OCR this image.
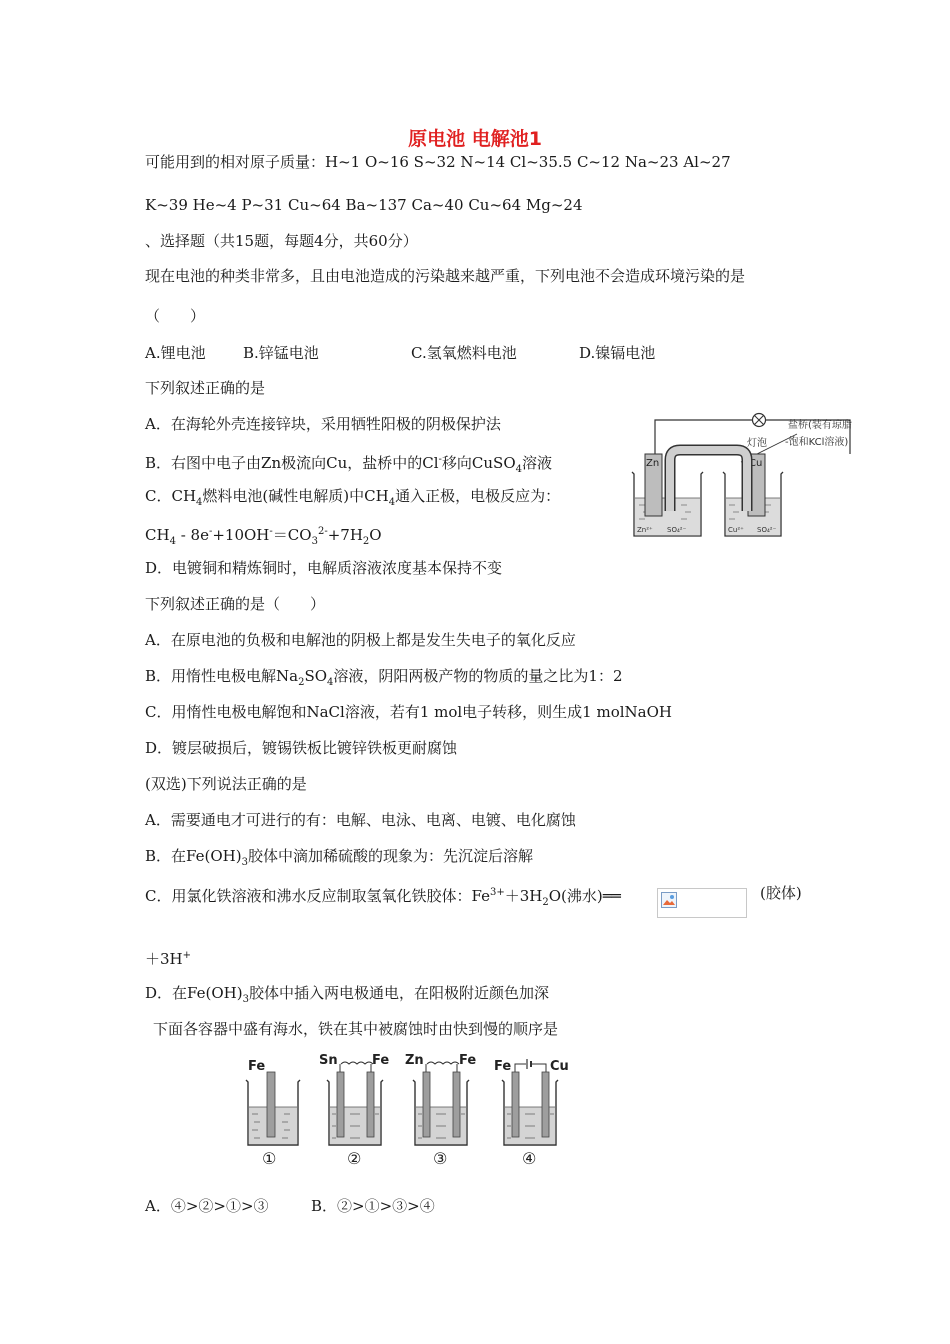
原电池 电解池1
可能用到的相对原子质量：H~1 O~16 S~32 N~14 Cl~35.5 C~12 Na~23 Al~27
K~39 He~4 P~31 Cu~64 Ba~137 Ca~40 Cu~64 Mg~24
、选择题（共15题，每题4分，共60分）
现在电池的种类非常多，且由电池造成的污染越来越严重，下列电池不会造成环境污染的是
（　　）
A.锂电池 B.锌锰电池	C.氢氧燃料电池	D.镍镉电池
下列叙述正确的是
A．在海轮外壳连接锌块，采用牺牲阳极的阴极保护法
B．右图中电子由Zn极流向Cu，盐桥中的Cl-移向CuSO$_4$溶液
C．$CH_4$燃料电池(碱性电解质)中$CH_4$通入正极，电极反应为：
$CH_4 - 8e^-+10OH^-=CO_3^{2-}+7H_2O$
D．电镀铜和精炼铜时，电解质溶液浓度基本保持不变
灯泡
盐桥(装有琼脂
-饱和KCl溶液)
Zn
Zn²⁺ SO₄²⁻
Cu
Cu²⁺ SO₄²⁻
下列叙述正确的是（　　）
A．在原电池的负极和电解池的阴极上都是发生失电子的氧化反应
B．用惰性电极电解$Na_2SO_4$溶液，阴阳两极产物的物质的量之比为1：2
C．用惰性电极电解饱和NaCl溶液，若有1 mol电子转移，则生成1 molNaOH
D．镀层破损后，镀锡铁板比镀锌铁板更耐腐蚀
(双选)下列说法正确的是
A．需要通电才可进行的有：电解、电泳、电离、电镀、电化腐蚀
B．在$Fe(OH)_3$胶体中滴加稀硫酸的现象为：先沉淀后溶解
C．用氯化铁溶液和沸水反应制取氢氧化铁胶体：$Fe^{3+}+3H_2O$(沸水)══	(胶体)
＋3H+
D．在$Fe(OH)_3$胶体中插入两电极通电，在阳极附近颜色加深
下面各容器中盛有海水，铁在其中被腐蚀时由快到慢的顺序是
Fe
①
Sn	Fe
②
Zn	Fe
③
Fe	Cu
④
A．④>②>①>③	B．②>①>③>④
